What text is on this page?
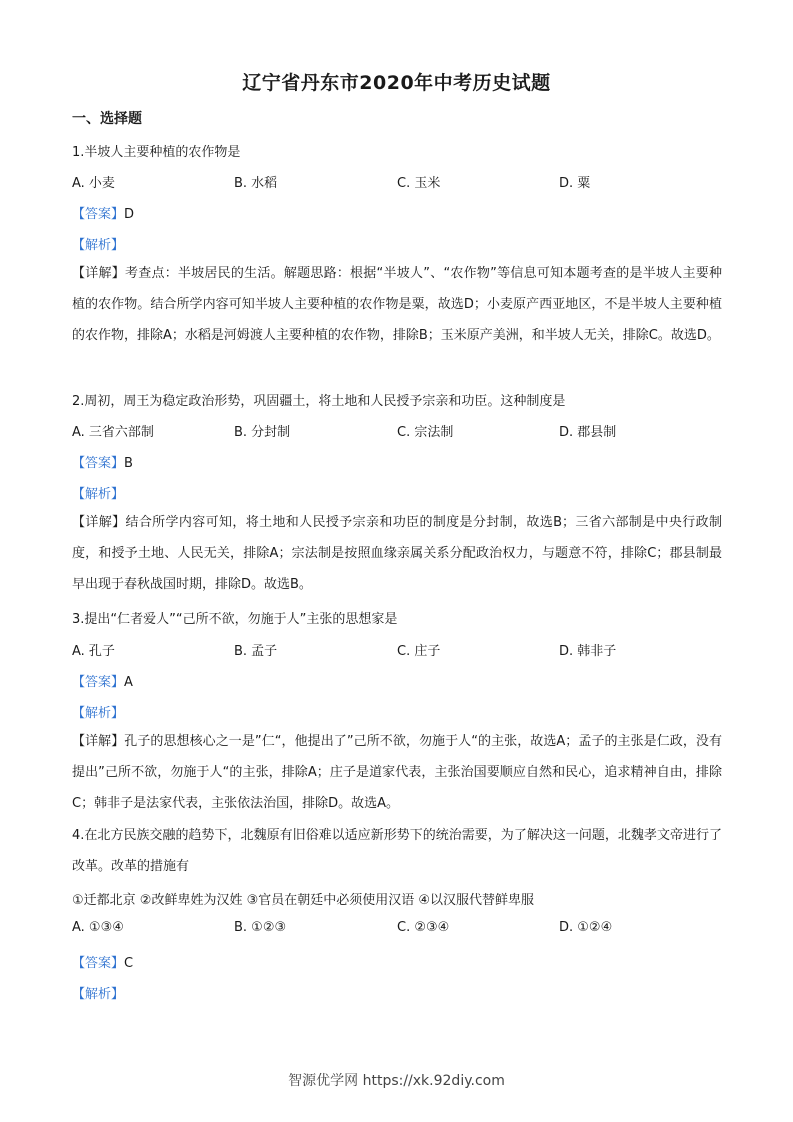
辽宁省丹东市2020年中考历史试题
一、选择题
1.半坡人主要种植的农作物是
A. 小麦	B. 水稻	C. 玉米	D. 粟
【答案】D
【解析】
【详解】考查点：半坡居民的生活。解题思路：根据“半坡人”、“农作物”等信息可知本题考查的是半坡人主要种植的农作物。结合所学内容可知半坡人主要种植的农作物是粟，故选D；小麦原产西亚地区，不是半坡人主要种植的农作物，排除A；水稻是河姆渡人主要种植的农作物，排除B；玉米原产美洲，和半坡人无关，排除C。故选D。
2.周初，周王为稳定政治形势，巩固疆土，将土地和人民授予宗亲和功臣。这种制度是
A. 三省六部制	B. 分封制	C. 宗法制	D. 郡县制
【答案】B
【解析】
【详解】结合所学内容可知，将土地和人民授予宗亲和功臣的制度是分封制，故选B；三省六部制是中央行政制度，和授予土地、人民无关，排除A；宗法制是按照血缘亲属关系分配政治权力，与题意不符，排除C；郡县制最早出现于春秋战国时期，排除D。故选B。
3.提出“仁者爱人”“己所不欲，勿施于人”主张的思想家是
A. 孔子	B. 孟子	C. 庄子	D. 韩非子
【答案】A
【解析】
【详解】孔子的思想核心之一是”仁“，他提出了”己所不欲，勿施于人“的主张，故选A；孟子的主张是仁政，没有提出”己所不欲，勿施于人“的主张，排除A；庄子是道家代表，主张治国要顺应自然和民心，追求精神自由，排除C；韩非子是法家代表，主张依法治国，排除D。故选A。
4.在北方民族交融的趋势下，北魏原有旧俗难以适应新形势下的统治需要，为了解决这一问题，北魏孝文帝进行了改革。改革的措施有
①迁都北京 ②改鲜卑姓为汉姓 ③官员在朝廷中必须使用汉语 ④以汉服代替鲜卑服
A. ①③④	B. ①②③	C. ②③④	D. ①②④
【答案】C
【解析】
智源优学网 https://xk.92diy.com
